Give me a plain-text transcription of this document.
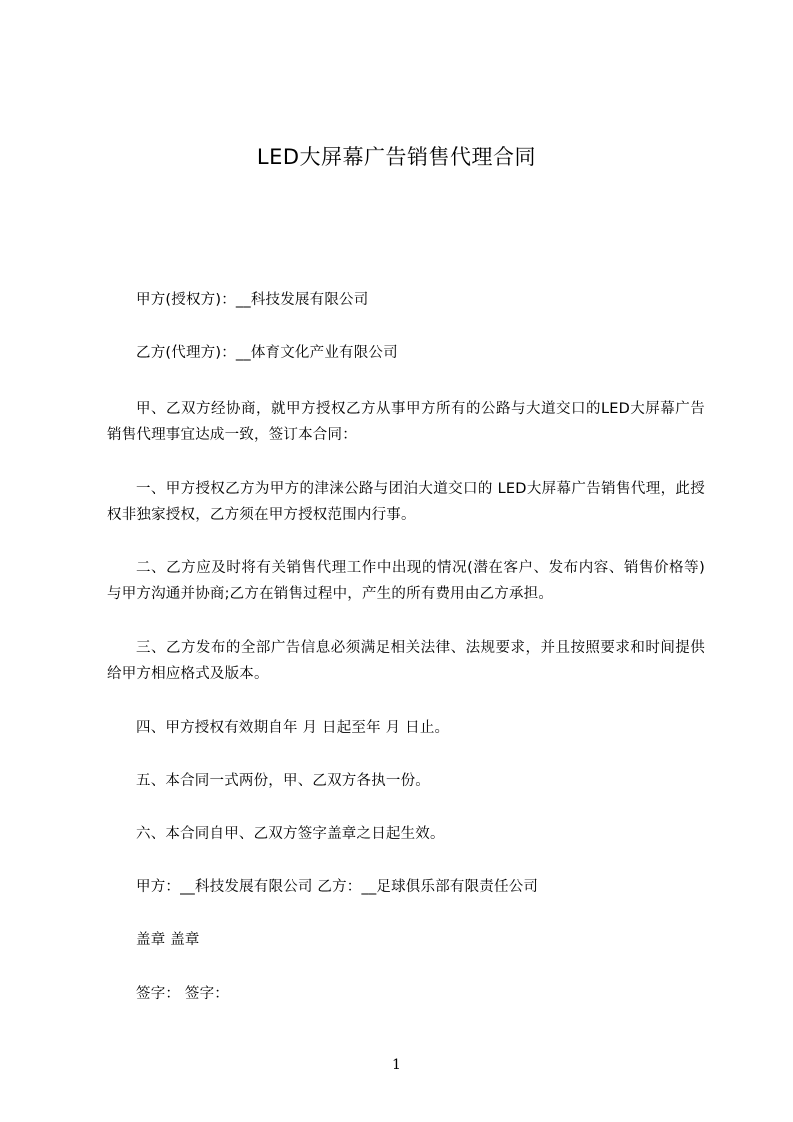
LED大屏幕广告销售代理合同
甲方(授权方)：__科技发展有限公司
乙方(代理方)：__体育文化产业有限公司
甲、乙双方经协商，就甲方授权乙方从事甲方所有的公路与大道交口的LED大屏幕广告销售代理事宜达成一致，签订本合同：
一、甲方授权乙方为甲方的津涞公路与团泊大道交口的 LED大屏幕广告销售代理，此授权非独家授权，乙方须在甲方授权范围内行事。
二、乙方应及时将有关销售代理工作中出现的情况(潜在客户、发布内容、销售价格等)与甲方沟通并协商;乙方在销售过程中，产生的所有费用由乙方承担。
三、乙方发布的全部广告信息必须满足相关法律、法规要求，并且按照要求和时间提供给甲方相应格式及版本。
四、甲方授权有效期自年 月 日起至年 月 日止。
五、本合同一式两份，甲、乙双方各执一份。
六、本合同自甲、乙双方签字盖章之日起生效。
甲方：__科技发展有限公司 乙方：__足球俱乐部有限责任公司
盖章 盖章
签字： 签字：
1
